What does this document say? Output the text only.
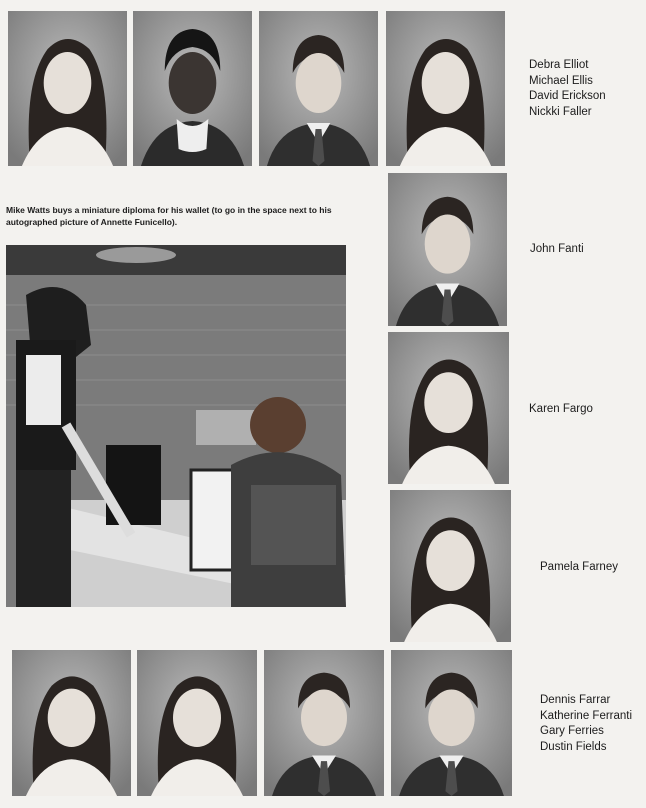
Debra Elliot
Michael Ellis
David Erickson
Nickki Faller
Mike Watts buys a miniature diploma for his wallet (to go in the space next to his autographed picture of Annette Funicello).
John Fanti
Karen Fargo
Pamela Farney
Dennis Farrar
Katherine Ferranti
Gary Ferries
Dustin Fields
